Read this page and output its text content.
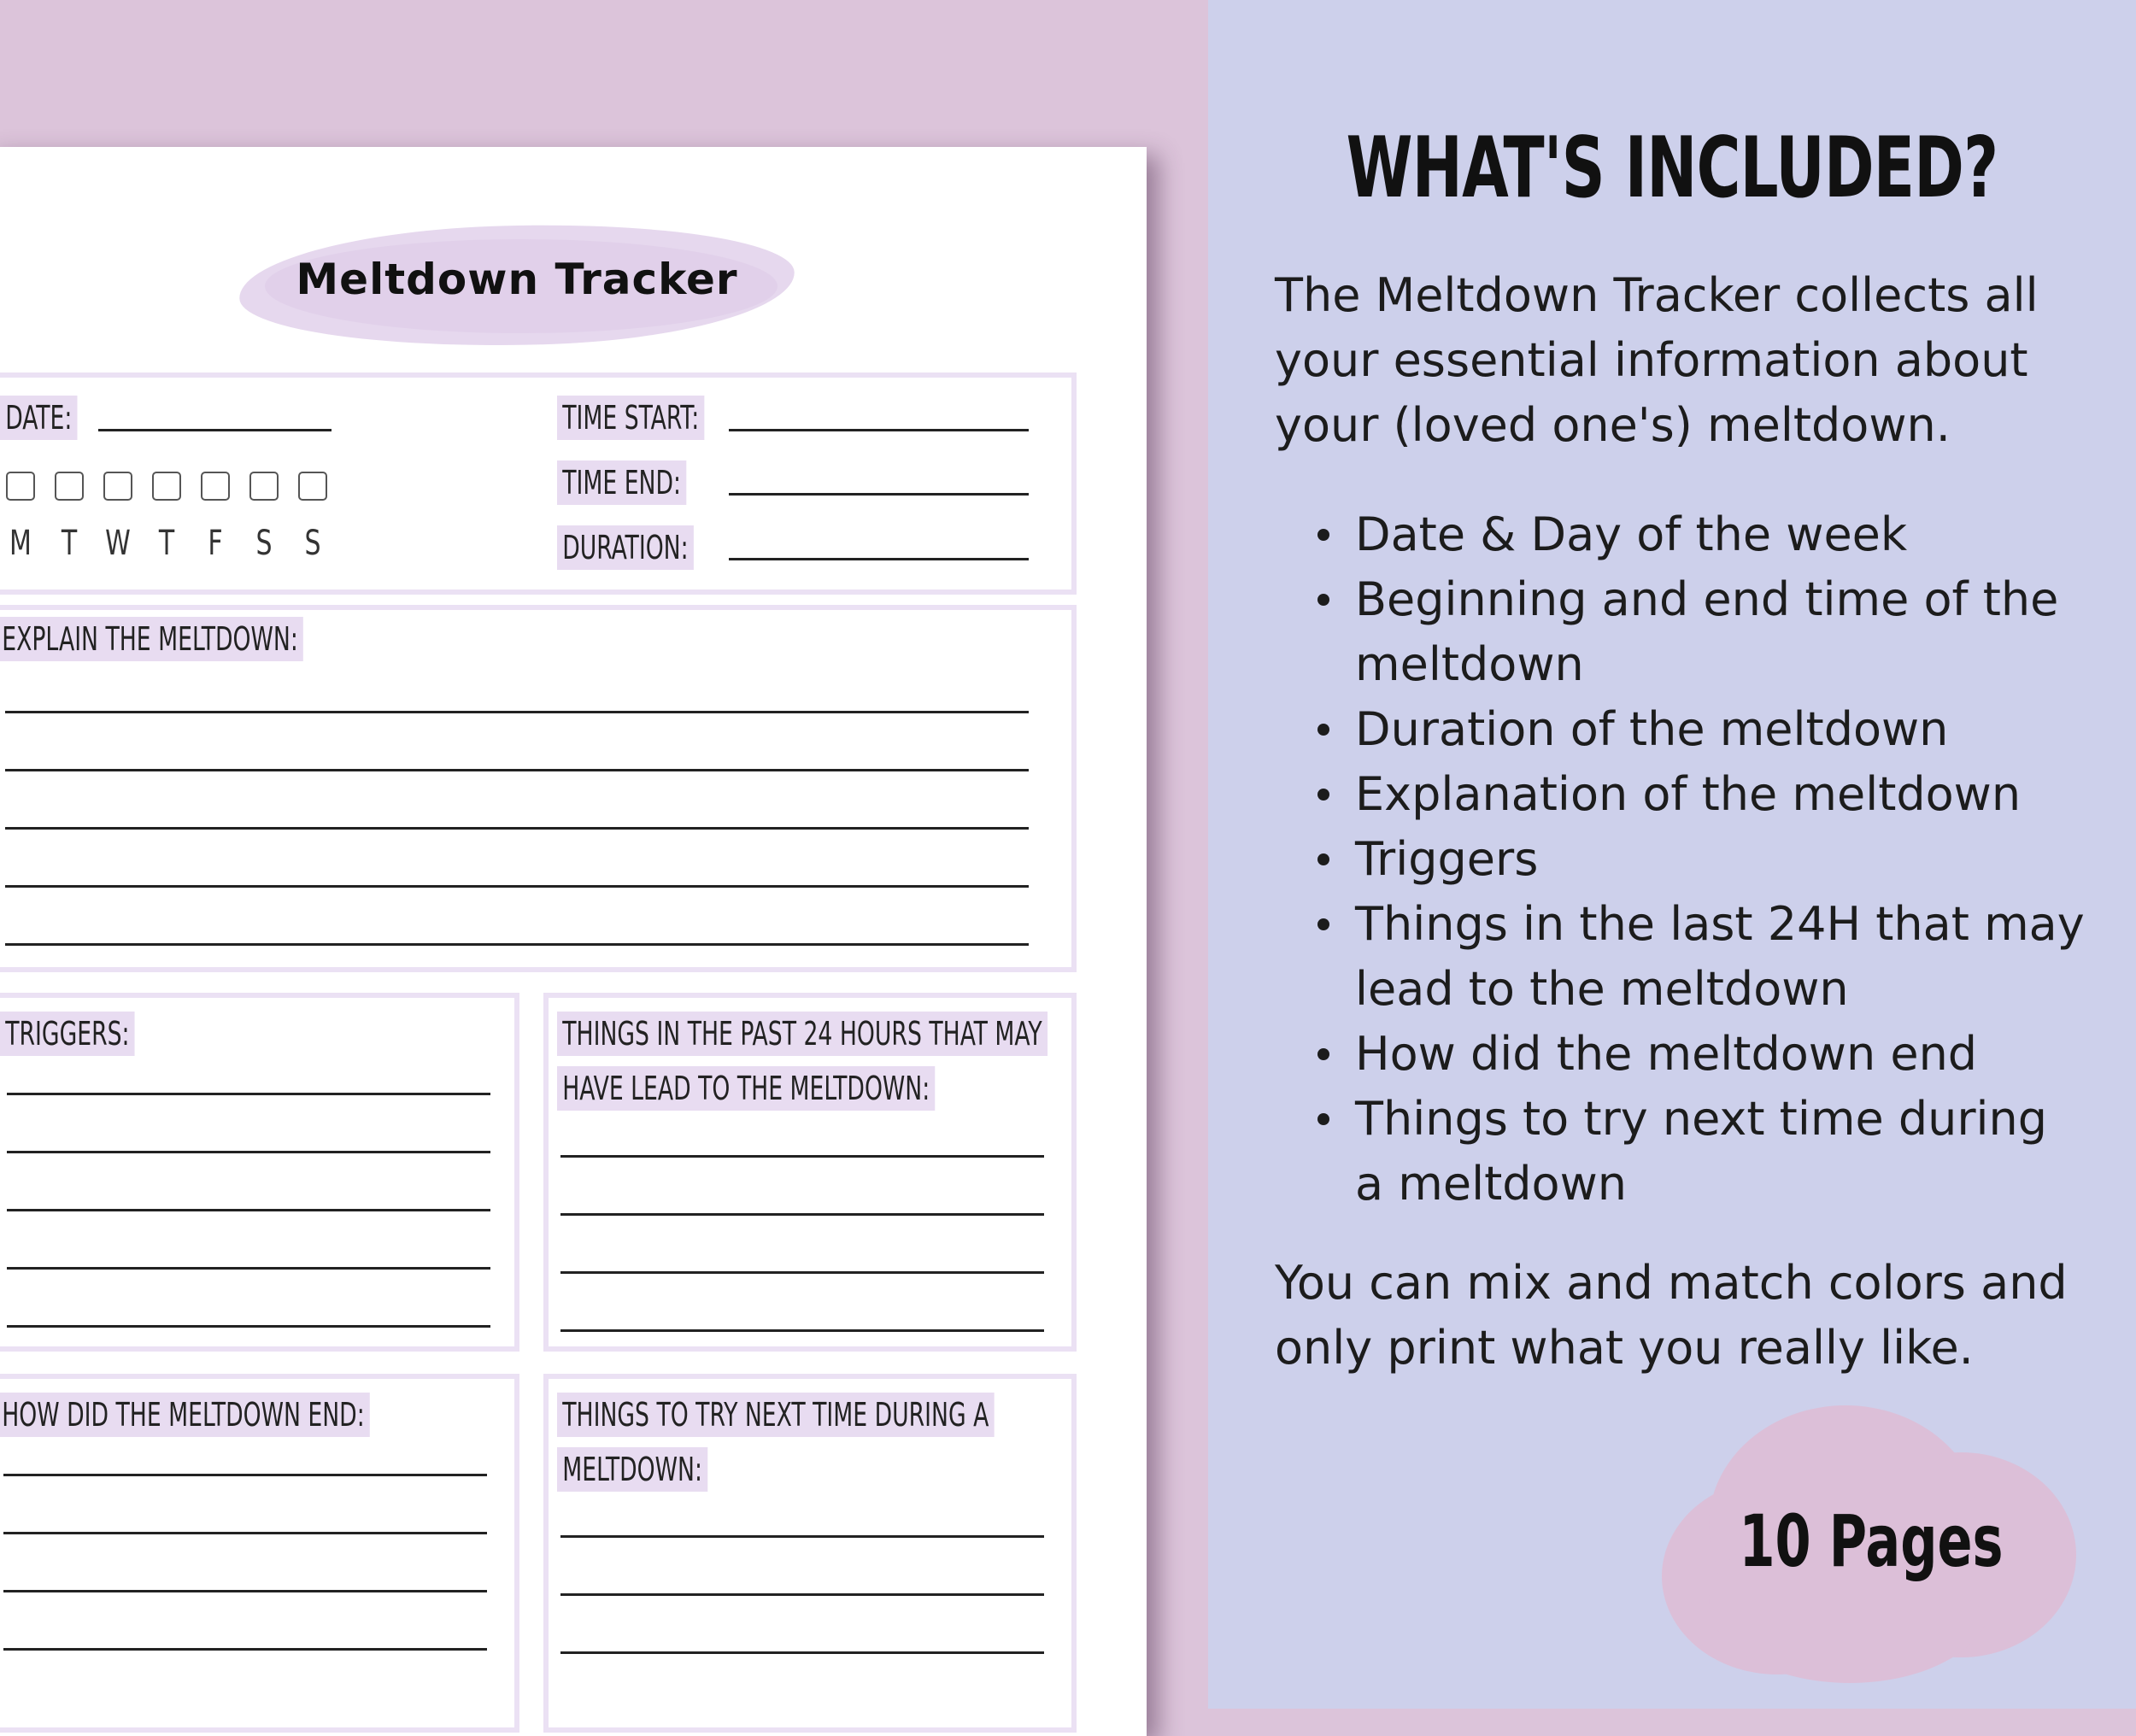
Meltdown Tracker
DATE:	TIME START:
TIME END:
DURATION:
M T W T F S S
EXPLAIN THE MELTDOWN:
TRIGGERS:	THINGS IN THE PAST 24 HOURS THAT MAY
HAVE LEAD TO THE MELTDOWN:
HOW DID THE MELTDOWN END:	THINGS TO TRY NEXT TIME DURING A
MELTDOWN:
WHAT'S INCLUDED?
The Meltdown Tracker collects all your essential information about your (loved one's) meltdown.
Date & Day of the week
Beginning and end time of the meltdown
Duration of the meltdown
Explanation of the meltdown
Triggers
Things in the last 24H that may lead to the meltdown
How did the meltdown end
Things to try next time during a meltdown
You can mix and match colors and only print what you really like.
10 Pages
